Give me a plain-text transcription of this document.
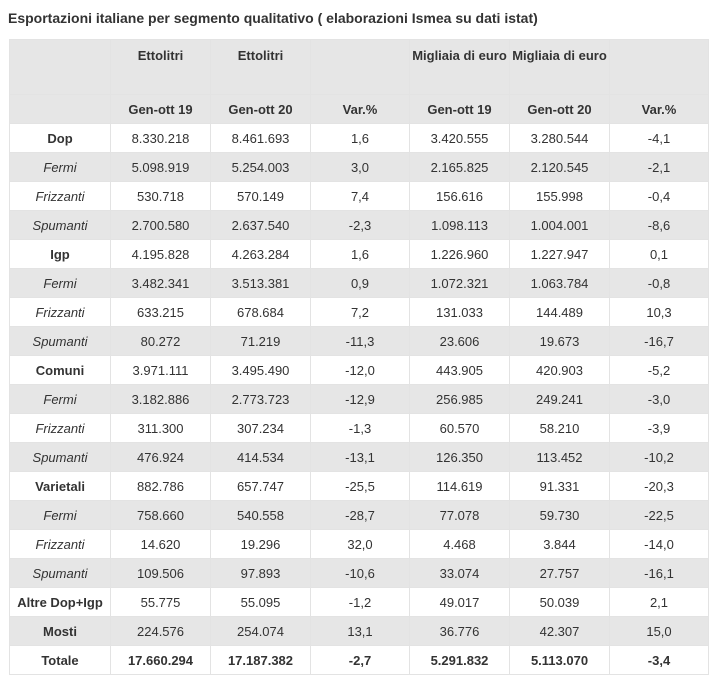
Esportazioni italiane per segmento qualitativo ( elaborazioni Ismea su dati istat)
	Ettolitri	Ettolitri		Migliaia di euro	Migliaia di euro	
	Gen-ott 19	Gen-ott 20	Var.%	Gen-ott 19	Gen-ott 20	Var.%
Dop	8.330.218	8.461.693	1,6	3.420.555	3.280.544	-4,1
Fermi	5.098.919	5.254.003	3,0	2.165.825	2.120.545	-2,1
Frizzanti	530.718	570.149	7,4	156.616	155.998	-0,4
Spumanti	2.700.580	2.637.540	-2,3	1.098.113	1.004.001	-8,6
Igp	4.195.828	4.263.284	1,6	1.226.960	1.227.947	0,1
Fermi	3.482.341	3.513.381	0,9	1.072.321	1.063.784	-0,8
Frizzanti	633.215	678.684	7,2	131.033	144.489	10,3
Spumanti	80.272	71.219	-11,3	23.606	19.673	-16,7
Comuni	3.971.111	3.495.490	-12,0	443.905	420.903	-5,2
Fermi	3.182.886	2.773.723	-12,9	256.985	249.241	-3,0
Frizzanti	311.300	307.234	-1,3	60.570	58.210	-3,9
Spumanti	476.924	414.534	-13,1	126.350	113.452	-10,2
Varietali	882.786	657.747	-25,5	114.619	91.331	-20,3
Fermi	758.660	540.558	-28,7	77.078	59.730	-22,5
Frizzanti	14.620	19.296	32,0	4.468	3.844	-14,0
Spumanti	109.506	97.893	-10,6	33.074	27.757	-16,1
Altre Dop+Igp	55.775	55.095	-1,2	49.017	50.039	2,1
Mosti	224.576	254.074	13,1	36.776	42.307	15,0
Totale	17.660.294	17.187.382	-2,7	5.291.832	5.113.070	-3,4
